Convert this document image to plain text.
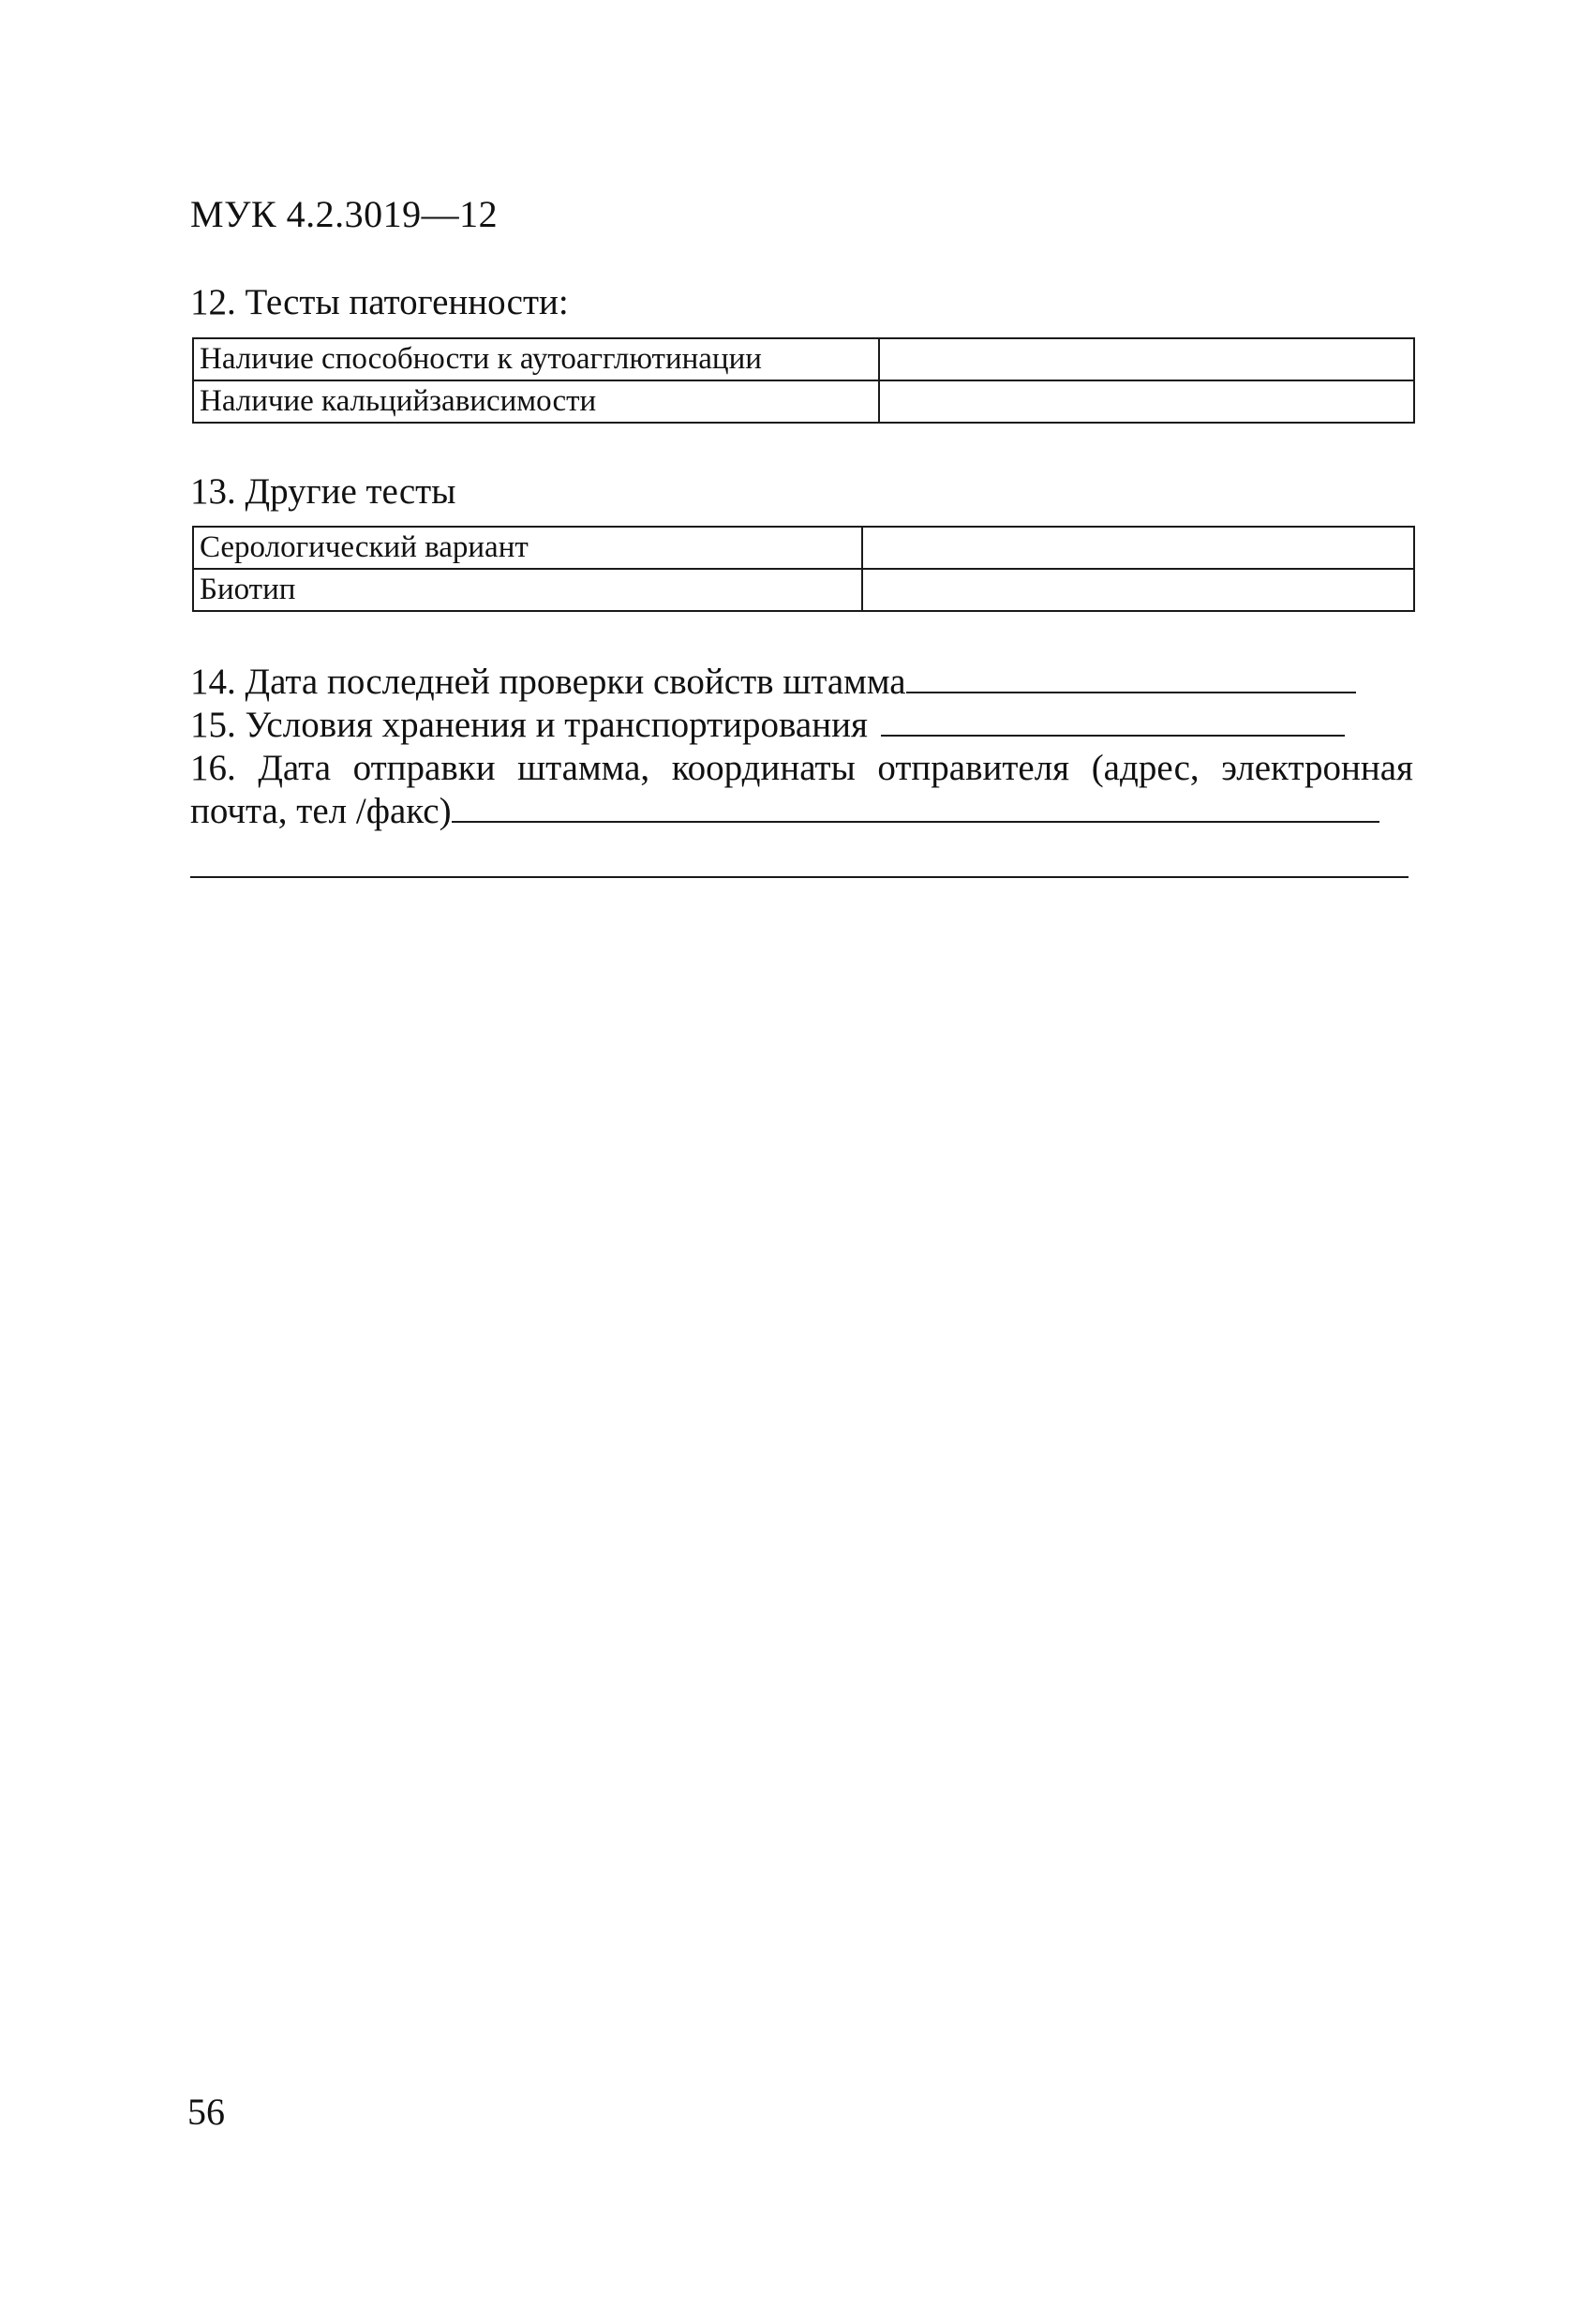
МУК 4.2.3019—12
12. Тесты патогенности:
Наличие способности к аутоагглютинации	
Наличие кальцийзависимости	
13. Другие тесты
Серологический вариант	
Биотип	
14. Дата последней проверки свойств штамма
15. Условия хранения и транспортирования
16. Дата отправки штамма, координаты отправителя (адрес, электронная
почта, тел /факс)
56
